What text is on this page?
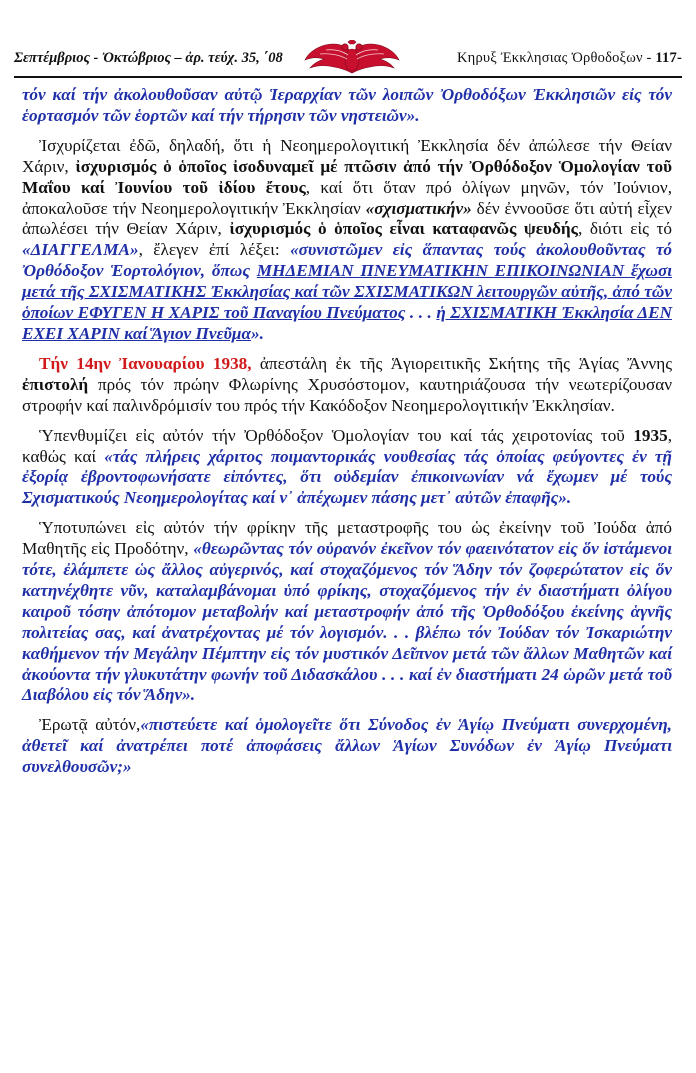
Σεπτέμβριος - Ὀκτώβριος – ἀρ. τεύχ. 35, ΄08	Κηρυξ Ἐκκλησιας Ὀρθοδοξων - 117-

τόν καί τήν ἀκολουθοῦσαν αὐτῷ Ἱεραρχίαν τῶν λοιπῶν Ὀρθοδόξων Ἐκκλησιῶν εἰς τόν ἑορτασμόν τῶν ἑορτῶν καί τήν τήρησιν τῶν νηστειῶν».

Ἰσχυρίζεται ἐδῶ, δηλαδή, ὅτι ἡ Νεοημερολογιτική Ἐκκλησία δέν ἀπώλεσε τήν Θείαν Χάριν, ἰσχυρισμός ὁ ὁποῖος ἰσοδυναμεῖ μέ πτῶσιν ἀπό τήν Ὀρθόδοξον Ὁμολογίαν τοῦ Μαΐου καί Ἰουνίου τοῦ ἰδίου ἔτους, καί ὅτι ὅταν πρό ὀλίγων μηνῶν, τόν Ἰούνιον, ἀποκαλοῦσε τήν Νεοημερολογιτικήν Ἐκκλησίαν «σχισματικήν» δέν ἐννοοῦσε ὅτι αὐτή εἶχεν ἀπωλέσει τήν Θείαν Χάριν, ἰσχυρισμός ὁ ὁποῖος εἶναι καταφανῶς ψευδής, διότι εἰς τό «ΔΙΑΓΓΕΛΜΑ», ἔλεγεν ἐπί λέξει: «συνιστῶμεν εἰς ἅπαντας τούς ἀκολουθοῦντας τό Ὀρθόδοξον Ἑορτολόγιον, ὅπως ΜΗΔΕΜΙΑΝ ΠΝΕΥΜΑΤΙΚΗΝ ΕΠΙΚΟΙΝΩΝΙΑΝ ἔχωσι μετά τῆς ΣΧΙΣΜΑΤΙΚΗΣ Ἐκκλησίας καί τῶν ΣΧΙΣΜΑΤΙΚΩΝ λειτουργῶν αὐτῆς, ἀπό τῶν ὁποίων ΕΦΥΓΕΝ Η ΧΑΡΙΣ τοῦ Παναγίου Πνεύματος . . . ἡ ΣΧΙΣΜΑΤΙΚΗ Ἐκκλησία ΔΕΝ ΕΧΕΙ ΧΑΡΙΝ καί Ἅγιον Πνεῦμα».

Τήν 14ην Ἰανουαρίου 1938, ἀπεστάλη ἐκ τῆς Ἁγιορειτικῆς Σκήτης τῆς Ἁγίας Ἄννης ἐπιστολή πρός τόν πρώην Φλωρίνης Χρυσόστομον, καυτηριάζουσα τήν νεωτερίζουσαν στροφήν καί παλινδρόμισίν του πρός τήν Κακόδοξον Νεοημερολογιτικήν Ἐκκλησίαν.

Ὑπενθυμίζει εἰς αὐτόν τήν Ὀρθόδοξον Ὁμολογίαν του καί τάς χειροτονίας τοῦ 1935, καθώς καί «τάς πλήρεις χάριτος ποιμαντορικάς νουθεσίας τάς ὁποίας φεύγοντες ἐν τῇ ἐξορίᾳ ἐβροντοφωνήσατε εἰπόντες, ὅτι οὐδεμίαν ἐπικοινωνίαν νά ἔχωμεν μέ τούς Σχισματικούς Νεοημερολογίτας καί ν᾽ ἀπέχωμεν πάσης μετ᾽ αὐτῶν ἐπαφῆς».

Ὑποτυπώνει εἰς αὐτόν τήν φρίκην τῆς μεταστροφῆς του ὡς ἐκείνην τοῦ Ἰούδα ἀπό Μαθητῆς εἰς Προδότην, «θεωρῶντας τόν οὐρανόν ἐκεῖνον τόν φαεινότατον εἰς ὅν ἱστάμενοι τότε, ἐλάμπετε ὡς ἄλλος αὐγερινός, καί στοχαζόμενος τόν Ἅδην τόν ζοφερώτατον εἰς ὅν κατηνέχθητε νῦν, καταλαμβάνομαι ὑπό φρίκης, στοχαζόμενος τήν ἐν διαστήματι ὀλίγου καιροῦ τόσην ἀπότομον μεταβολήν καί μεταστροφήν ἀπό τῆς Ὀρθοδόξου ἐκείνης ἁγνῆς πολιτείας σας, καί ἀνατρέχοντας μέ τόν λογισμόν. . . βλέπω τόν Ἰούδαν τόν Ἰσκαριώτην καθήμενον τήν Μεγάλην Πέμπτην εἰς τόν μυστικόν Δεῖπνον μετά τῶν ἄλλων Μαθητῶν καί ἀκούοντα τήν γλυκυτάτην φωνήν τοῦ Διδασκάλου . . . καί ἐν διαστήματι 24 ὡρῶν μετά τοῦ Διαβόλου εἰς τόν Ἅδην».

Ἐρωτᾷ αὐτόν,«πιστεύετε καί ὁμολογεῖτε ὅτι Σύνοδος ἐν Ἁγίῳ Πνεύματι συνερχομένη, ἀθετεῖ καί ἀνατρέπει ποτέ ἀποφάσεις ἄλλων Ἁγίων Συνόδων ἐν Ἁγίῳ Πνεύματι συνελθουσῶν;»
